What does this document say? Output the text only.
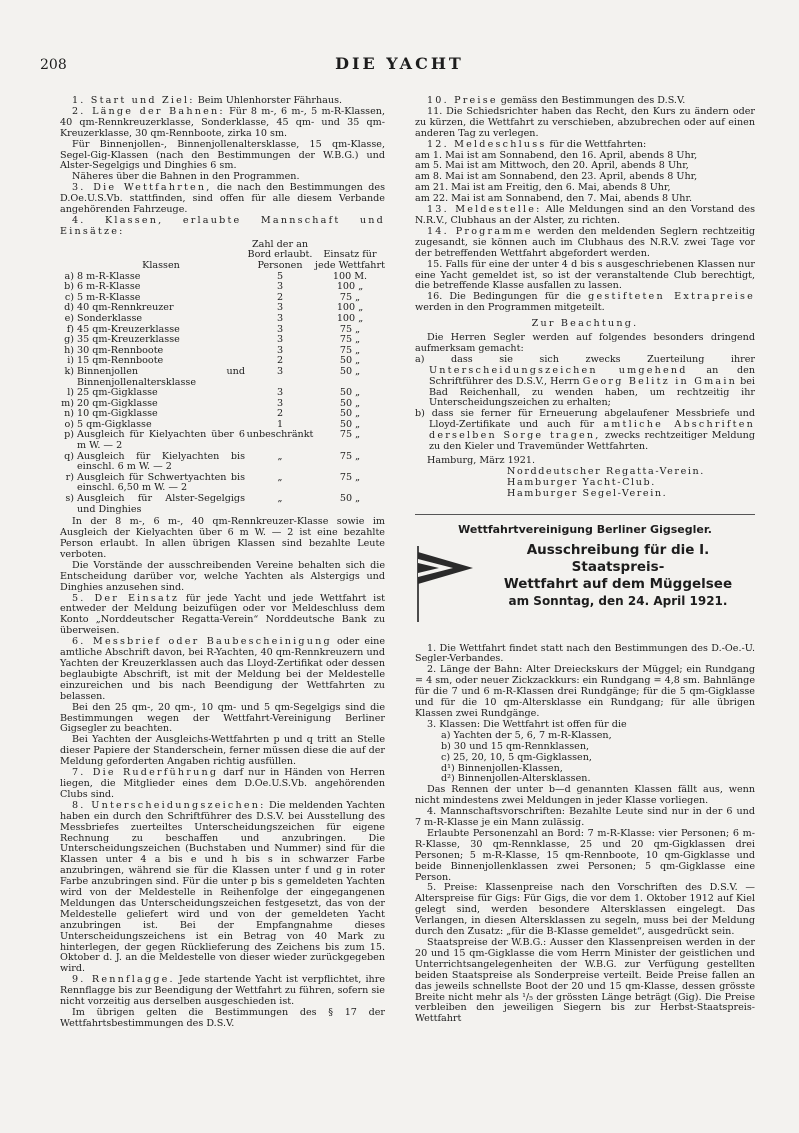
208	DIE YACHT

1. Start und Ziel: Beim Uhlenhorster Fährhaus.

2. Länge der Bahnen: Für 8 m-, 6 m-, 5 m-R-Klassen, 40 qm-Rennkreuzerklasse, Sonderklasse, 45 qm- und 35 qm-Kreuzerklasse, 30 qm-Rennboote, zirka 10 sm.

Für Binnenjollen-, Binnenjollenaltersklasse, 15 qm-Klasse, Segel-Gig-Klassen (nach den Bestimmungen der W.B.G.) und Alster-Segelgigs und Dinghies 6 sm.

Näheres über die Bahnen in den Programmen.

3. Die Wettfahrten, die nach den Bestimmungen des D.Oe.U.S.Vb. stattfinden, sind offen für alle diesem Verbande angehörenden Fahrzeuge.

4. Klassen, erlaubte Mannschaft und Einsätze:

	Klassen	Zahl der an Bord erlaubt. Personen	Einsatz für jede Wettfahrt
a)	8 m-R-Klasse	5	100 M.
b)	6 m-R-Klasse	3	100 „
c)	5 m-R-Klasse	2	75 „
d)	40 qm-Rennkreuzer	3	100 „
e)	Sonderklasse	3	100 „
f)	45 qm-Kreuzerklasse	3	75 „
g)	35 qm-Kreuzerklasse	3	75 „
h)	30 qm-Rennboote	3	75 „
i)	15 qm-Rennboote	2	50 „
k)	Binnenjollen und Binnenjollenaltersklasse	3	50 „
l)	25 qm-Gigklasse	3	50 „
m)	20 qm-Gigklasse	3	50 „
n)	10 qm-Gigklasse	2	50 „
o)	5 qm-Gigklasse	1	50 „
p)	Ausgleich für Kielyachten über 6 m W. — 2	unbeschränkt	75 „
q)	Ausgleich für Kielyachten bis einschl. 6 m W. — 2	„	75 „
r)	Ausgleich für Schwertyachten bis einschl. 6,50 m W. — 2	„	75 „
s)	Ausgleich für Alster-Segelgigs und Dinghies	„	50 „

In der 8 m-, 6 m-, 40 qm-Rennkreuzer-Klasse sowie im Ausgleich der Kielyachten über 6 m W. — 2 ist eine bezahlte Person erlaubt. In allen übrigen Klassen sind bezahlte Leute verboten.

Die Vorstände der ausschreibenden Vereine behalten sich die Entscheidung darüber vor, welche Yachten als Alstergigs und Dinghies anzusehen sind.

5. Der Einsatz für jede Yacht und jede Wettfahrt ist entweder der Meldung beizufügen oder vor Meldeschluss dem Konto „Norddeutscher Regatta-Verein“ Norddeutsche Bank zu überweisen.

6. Messbrief oder Baubescheinigung oder eine amtliche Abschrift davon, bei R-Yachten, 40 qm-Rennkreuzern und Yachten der Kreuzerklassen auch das Lloyd-Zertifikat oder dessen beglaubigte Abschrift, ist mit der Meldung bei der Meldestelle einzureichen und bis nach Beendigung der Wettfahrten zu belassen.

Bei den 25 qm-, 20 qm-, 10 qm- und 5 qm-Segelgigs sind die Bestimmungen wegen der Wettfahrt-Vereinigung Berliner Gigsegler zu beachten.

Bei Yachten der Ausgleichs-Wettfahrten p und q tritt an Stelle dieser Papiere der Standerschein, ferner müssen diese die auf der Meldung geforderten Angaben richtig ausfüllen.

7. Die Ruderführung darf nur in Händen von Herren liegen, die Mitglieder eines dem D.Oe.U.S.Vb. angehörenden Clubs sind.

8. Unterscheidungszeichen: Die meldenden Yachten haben ein durch den Schriftführer des D.S.V. bei Ausstellung des Messbriefes zuerteiltes Unterscheidungszeichen für eigene Rechnung zu beschaffen und anzubringen. Die Unterscheidungszeichen (Buchstaben und Nummer) sind für die Klassen unter 4 a bis e und h bis s in schwarzer Farbe anzubringen, während sie für die Klassen unter f und g in roter Farbe anzubringen sind. Für die unter p bis s gemeldeten Yachten wird von der Meldestelle in Reihenfolge der eingegangenen Meldungen das Unterscheidungszeichen festgesetzt, das von der Meldestelle geliefert wird und von der gemeldeten Yacht anzubringen ist. Bei der Empfangnahme dieses Unterscheidungszeichens ist ein Betrag von 40 Mark zu hinterlegen, der gegen Rücklieferung des Zeichens bis zum 15. Oktober d. J. an die Meldestelle von dieser wieder zurückgegeben wird.

9. Rennflagge. Jede startende Yacht ist verpflichtet, ihre Rennflagge bis zur Beendigung der Wettfahrt zu führen, sofern sie nicht vorzeitig aus derselben ausgeschieden ist.

Im übrigen gelten die Bestimmungen des § 17 der Wettfahrtsbestimmungen des D.S.V.

10. Preise gemäss den Bestimmungen des D.S.V.

11. Die Schiedsrichter haben das Recht, den Kurs zu ändern oder zu kürzen, die Wettfahrt zu verschieben, abzubrechen oder auf einen anderen Tag zu verlegen.

12. Meldeschluss für die Wettfahrten:

am 1. Mai ist am Sonnabend, den 16. April, abends 8 Uhr,
am 5. Mai ist am Mittwoch, den 20. April, abends 8 Uhr,
am 8. Mai ist am Sonnabend, den 23. April, abends 8 Uhr,
am 21. Mai ist am Freitig, den 6. Mai, abends 8 Uhr,
am 22. Mai ist am Sonnabend, den 7. Mai, abends 8 Uhr.

13. Meldestelle: Alle Meldungen sind an den Vorstand des N.R.V., Clubhaus an der Alster, zu richten.

14. Programme werden den meldenden Seglern rechtzeitig zugesandt, sie können auch im Clubhaus des N.R.V. zwei Tage vor der betreffenden Wettfahrt abgefordert werden.

15. Falls für eine der unter 4 d bis s ausgeschriebenen Klassen nur eine Yacht gemeldet ist, so ist der veranstaltende Club berechtigt, die betreffende Klasse ausfallen zu lassen.

16. Die Bedingungen für die gestifteten Extrapreise werden in den Programmen mitgeteilt.

Zur Beachtung.

Die Herren Segler werden auf folgendes besonders dringend aufmerksam gemacht:

a) dass sie sich zwecks Zuerteilung ihrer Unterscheidungszeichen umgehend an den Schriftführer des D.S.V., Herrn Georg Belitz in Gmain bei Bad Reichenhall, zu wenden haben, um rechtzeitig ihr Unterscheidungszeichen zu erhalten;
b) dass sie ferner für Erneuerung abgelaufener Messbriefe und Lloyd-Zertifikate und auch für amtliche Abschriften derselben Sorge tragen, zwecks rechtzeitiger Meldung zu den Kieler und Travemünder Wettfahrten.

Hamburg, März 1921.

Norddeutscher Regatta-Verein.
Hamburger Yacht-Club.
Hamburger Segel-Verein.
Wettfahrtvereinigung Berliner Gigsegler.
Ausschreibung für die I. Staatspreis-
Wettfahrt auf dem Müggelsee
am Sonntag, den 24. April 1921.

1. Die Wettfahrt findet statt nach den Bestimmungen des D.-Oe.-U. Segler-Verbandes.

2. Länge der Bahn: Alter Dreieckskurs der Müggel; ein Rundgang = 4 sm, oder neuer Zickzackkurs: ein Rundgang = 4,8 sm. Bahnlänge für die 7 und 6 m-R-Klassen drei Rundgänge; für die 5 qm-Gigklasse und für die 10 qm-Altersklasse ein Rundgang; für alle übrigen Klassen zwei Rundgänge.

3. Klassen: Die Wettfahrt ist offen für die

a) Yachten der 5, 6, 7 m-R-Klassen,
b) 30 und 15 qm-Rennklassen,
c) 25, 20, 10, 5 qm-Gigklassen,
d¹) Binnenjollen-Klassen,
d²) Binnenjollen-Altersklassen.

Das Rennen der unter b—d genannten Klassen fällt aus, wenn nicht mindestens zwei Meldungen in jeder Klasse vorliegen.

4. Mannschaftsvorschriften: Bezahlte Leute sind nur in der 6 und 7 m-R-Klasse je ein Mann zulässig.

Erlaubte Personenzahl an Bord: 7 m-R-Klasse: vier Personen; 6 m-R-Klasse, 30 qm-Rennklasse, 25 und 20 qm-Gigklassen drei Personen; 5 m-R-Klasse, 15 qm-Rennboote, 10 qm-Gigklasse und beide Binnenjollenklassen zwei Personen; 5 qm-Gigklasse eine Person.

5. Preise: Klassenpreise nach den Vorschriften des D.S.V. — Alterspreise für Gigs: Für Gigs, die vor dem 1. Oktober 1912 auf Kiel gelegt sind, werden besondere Altersklassen eingelegt. Das Verlangen, in diesen Altersklassen zu segeln, muss bei der Meldung durch den Zusatz: „für die B-Klasse gemeldet“, ausgedrückt sein.

Staatspreise der W.B.G.: Ausser den Klassenpreisen werden in der 20 und 15 qm-Gigklasse die vom Herrn Minister der geistlichen und Unterrichtsangelegenheiten der W.B.G. zur Verfügung gestellten beiden Staatspreise als Sonderpreise verteilt. Beide Preise fallen an das jeweils schnellste Boot der 20 und 15 qm-Klasse, dessen grösste Breite nicht mehr als ¹/₅ der grössten Länge beträgt (Gig). Die Preise verbleiben den jeweiligen Siegern bis zur Herbst-Staatspreis-Wettfahrt
